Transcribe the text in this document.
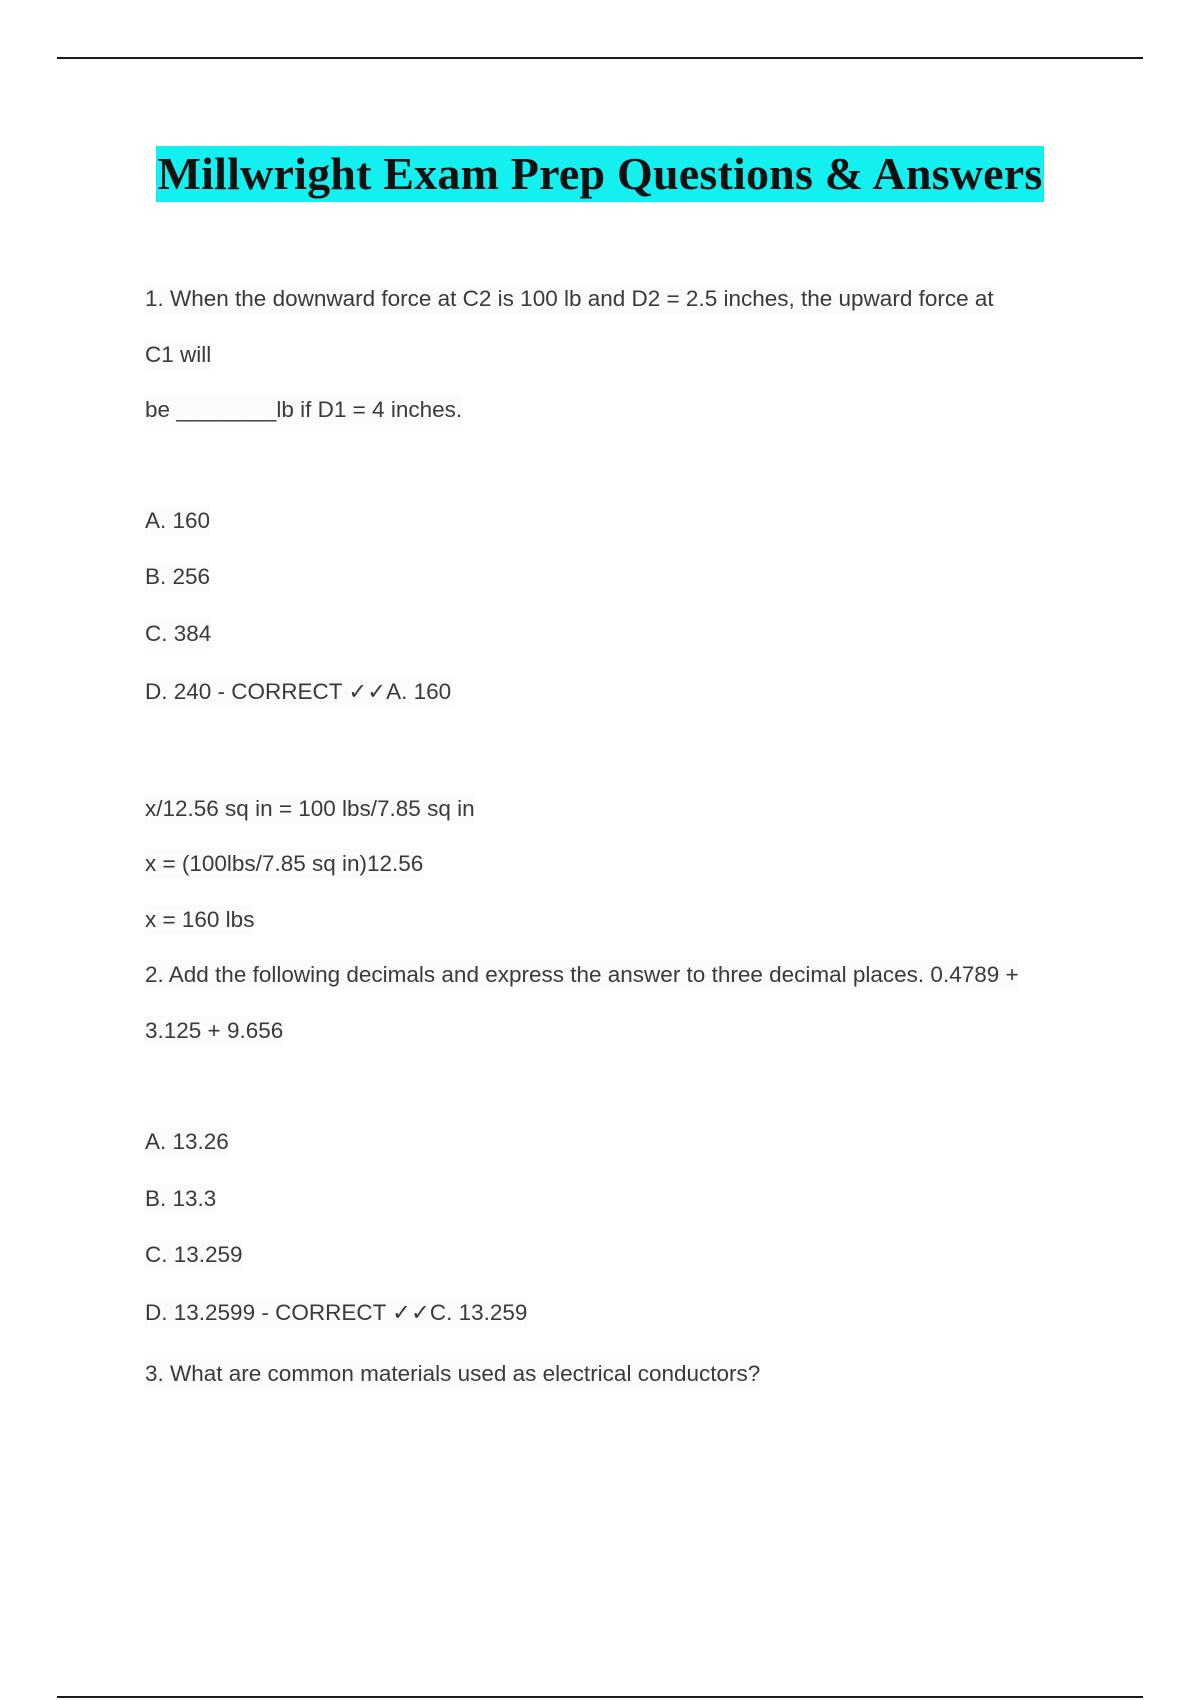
Millwright Exam Prep Questions & Answers
1. When the downward force at C2 is 100 lb and D2 = 2.5 inches, the upward force at
C1 will
be ________lb if D1 = 4 inches.
A. 160
B. 256
C. 384
D. 240 - CORRECT ✓✓A. 160
x/12.56 sq in = 100 lbs/7.85 sq in
x = (100lbs/7.85 sq in)12.56
x = 160 lbs
2. Add the following decimals and express the answer to three decimal places. 0.4789 +
3.125 + 9.656
A. 13.26
B. 13.3
C. 13.259
D. 13.2599 - CORRECT ✓✓C. 13.259
3. What are common materials used as electrical conductors?
